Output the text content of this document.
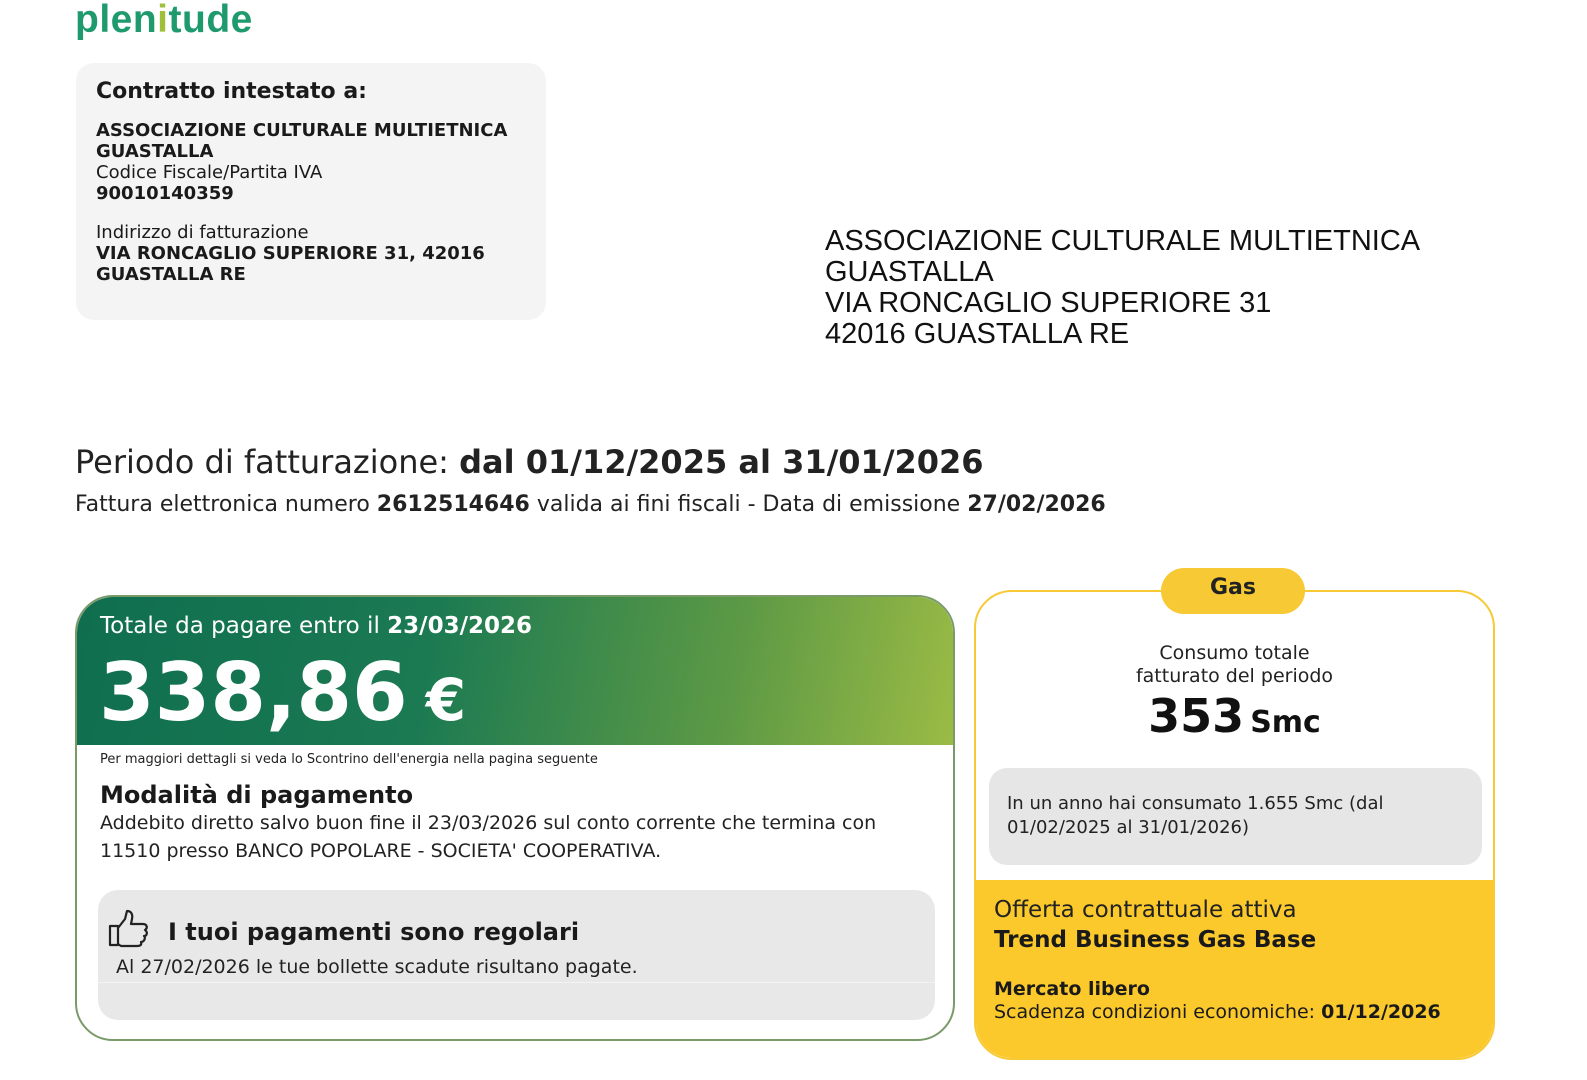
plenitude
Contratto intestato a:
ASSOCIAZIONE CULTURALE MULTIETNICA
GUASTALLA
Codice Fiscale/Partita IVA
90010140359
Indirizzo di fatturazione
VIA RONCAGLIO SUPERIORE 31, 42016
GUASTALLA RE
ASSOCIAZIONE CULTURALE MULTIETNICA
GUASTALLA
VIA RONCAGLIO SUPERIORE 31
42016 GUASTALLA RE
Periodo di fatturazione: dal 01/12/2025 al 31/01/2026
Fattura elettronica numero 2612514646 valida ai fini fiscali - Data di emissione 27/02/2026
Totale da pagare entro il 23/03/2026
338,86 €
Per maggiori dettagli si veda lo Scontrino dell'energia nella pagina seguente
Modalità di pagamento
Addebito diretto salvo buon fine il 23/03/2026 sul conto corrente che termina con 11510 presso BANCO POPOLARE - SOCIETA' COOPERATIVA.
I tuoi pagamenti sono regolari
Al 27/02/2026 le tue bollette scadute risultano pagate.
Consumo totale
fatturato del periodo
353 Smc
In un anno hai consumato 1.655 Smc (dal 01/02/2025 al 31/01/2026)
Offerta contrattuale attiva
Trend Business Gas Base
Mercato libero
Scadenza condizioni economiche: 01/12/2026
Gas
